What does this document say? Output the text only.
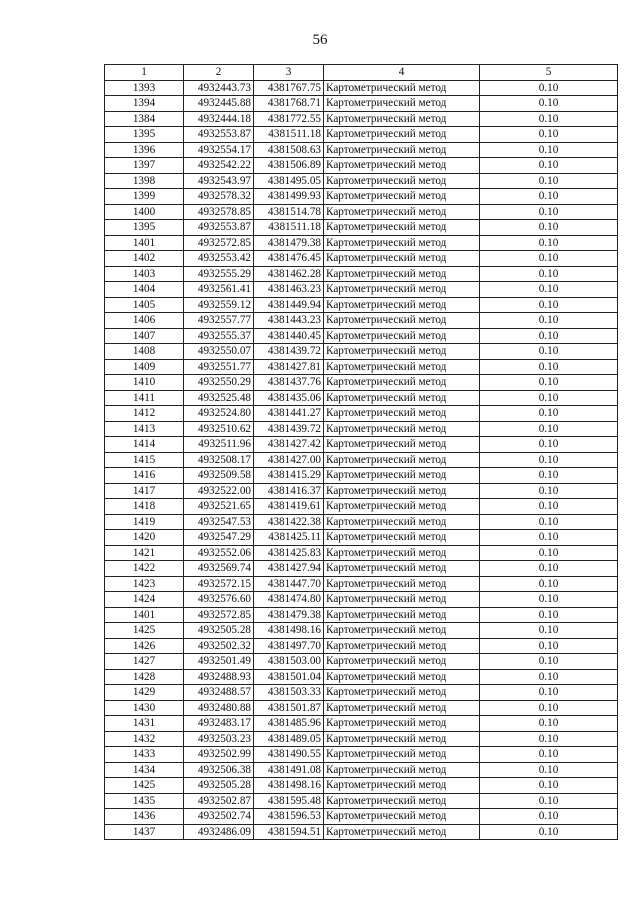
56
1	2	3	4	5
1393	4932443.73	4381767.75	Картометрический метод	0.10
1394	4932445.88	4381768.71	Картометрический метод	0.10
1384	4932444.18	4381772.55	Картометрический метод	0.10
1395	4932553.87	4381511.18	Картометрический метод	0.10
1396	4932554.17	4381508.63	Картометрический метод	0.10
1397	4932542.22	4381506.89	Картометрический метод	0.10
1398	4932543.97	4381495.05	Картометрический метод	0.10
1399	4932578.32	4381499.93	Картометрический метод	0.10
1400	4932578.85	4381514.78	Картометрический метод	0.10
1395	4932553.87	4381511.18	Картометрический метод	0.10
1401	4932572.85	4381479.38	Картометрический метод	0.10
1402	4932553.42	4381476.45	Картометрический метод	0.10
1403	4932555.29	4381462.28	Картометрический метод	0.10
1404	4932561.41	4381463.23	Картометрический метод	0.10
1405	4932559.12	4381449.94	Картометрический метод	0.10
1406	4932557.77	4381443.23	Картометрический метод	0.10
1407	4932555.37	4381440.45	Картометрический метод	0.10
1408	4932550.07	4381439.72	Картометрический метод	0.10
1409	4932551.77	4381427.81	Картометрический метод	0.10
1410	4932550.29	4381437.76	Картометрический метод	0.10
1411	4932525.48	4381435.06	Картометрический метод	0.10
1412	4932524.80	4381441.27	Картометрический метод	0.10
1413	4932510.62	4381439.72	Картометрический метод	0.10
1414	4932511.96	4381427.42	Картометрический метод	0.10
1415	4932508.17	4381427.00	Картометрический метод	0.10
1416	4932509.58	4381415.29	Картометрический метод	0.10
1417	4932522.00	4381416.37	Картометрический метод	0.10
1418	4932521.65	4381419.61	Картометрический метод	0.10
1419	4932547.53	4381422.38	Картометрический метод	0.10
1420	4932547.29	4381425.11	Картометрический метод	0.10
1421	4932552.06	4381425.83	Картометрический метод	0.10
1422	4932569.74	4381427.94	Картометрический метод	0.10
1423	4932572.15	4381447.70	Картометрический метод	0.10
1424	4932576.60	4381474.80	Картометрический метод	0.10
1401	4932572.85	4381479.38	Картометрический метод	0.10
1425	4932505.28	4381498.16	Картометрический метод	0.10
1426	4932502.32	4381497.70	Картометрический метод	0.10
1427	4932501.49	4381503.00	Картометрический метод	0.10
1428	4932488.93	4381501.04	Картометрический метод	0.10
1429	4932488.57	4381503.33	Картометрический метод	0.10
1430	4932480.88	4381501.87	Картометрический метод	0.10
1431	4932483.17	4381485.96	Картометрический метод	0.10
1432	4932503.23	4381489.05	Картометрический метод	0.10
1433	4932502.99	4381490.55	Картометрический метод	0.10
1434	4932506.38	4381491.08	Картометрический метод	0.10
1425	4932505.28	4381498.16	Картометрический метод	0.10
1435	4932502.87	4381595.48	Картометрический метод	0.10
1436	4932502.74	4381596.53	Картометрический метод	0.10
1437	4932486.09	4381594.51	Картометрический метод	0.10
